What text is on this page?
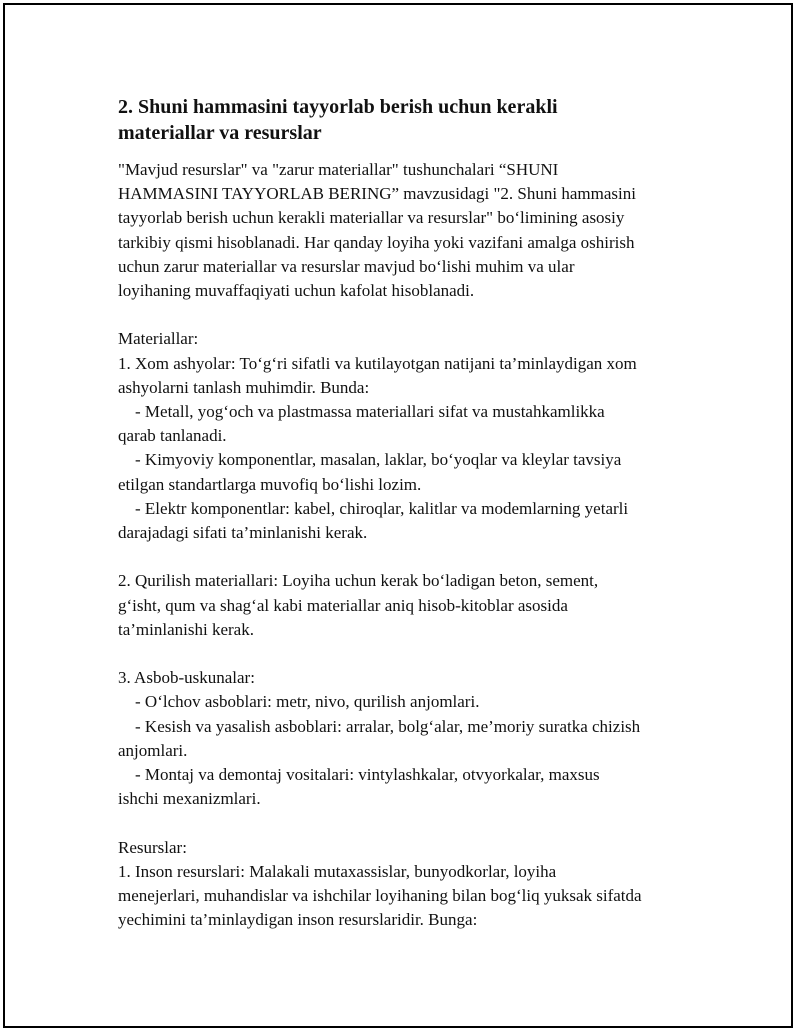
2. Shuni hammasini tayyorlab berish uchun kerakli
materiallar va resurslar
"Mavjud resurslar" va "zarur materiallar" tushunchalari “SHUNI
HAMMASINI TAYYORLAB BERING” mavzusidagi "2. Shuni hammasini
tayyorlab berish uchun kerakli materiallar va resurslar" bo‘limining asosiy
tarkibiy qismi hisoblanadi. Har qanday loyiha yoki vazifani amalga oshirish
uchun zarur materiallar va resurslar mavjud bo‘lishi muhim va ular
loyihaning muvaffaqiyati uchun kafolat hisoblanadi.
Materiallar:
1. Xom ashyolar: To‘g‘ri sifatli va kutilayotgan natijani ta’minlaydigan xom
ashyolarni tanlash muhimdir. Bunda:
- Metall, yog‘och va plastmassa materiallari sifat va mustahkamlikka
qarab tanlanadi.
- Kimyoviy komponentlar, masalan, laklar, bo‘yoqlar va kleylar tavsiya
etilgan standartlarga muvofiq bo‘lishi lozim.
- Elektr komponentlar: kabel, chiroqlar, kalitlar va modemlarning yetarli
darajadagi sifati ta’minlanishi kerak.
2. Qurilish materiallari: Loyiha uchun kerak bo‘ladigan beton, sement,
g‘isht, qum va shag‘al kabi materiallar aniq hisob-kitoblar asosida
ta’minlanishi kerak.
3. Asbob-uskunalar:
- O‘lchov asboblari: metr, nivo, qurilish anjomlari.
- Kesish va yasalish asboblari: arralar, bolg‘alar, me’moriy suratka chizish
anjomlari.
- Montaj va demontaj vositalari: vintylashkalar, otvyorkalar, maxsus
ishchi mexanizmlari.
Resurslar:
1. Inson resurslari: Malakali mutaxassislar, bunyodkorlar, loyiha
menejerlari, muhandislar va ishchilar loyihaning bilan bog‘liq yuksak sifatda
yechimini ta’minlaydigan inson resurslaridir. Bunga:
